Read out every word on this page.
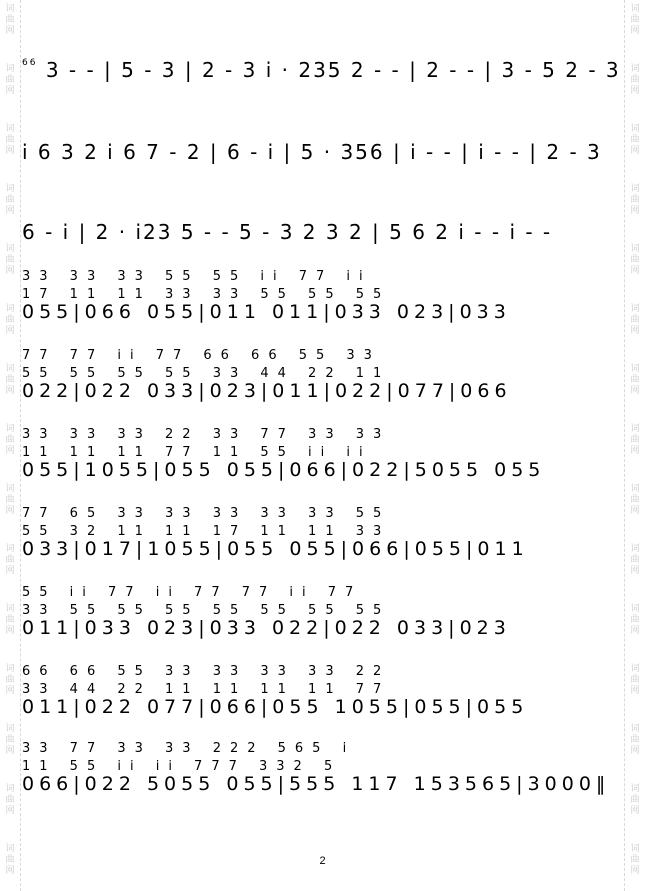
词
曲
网
词
曲
网
词
曲
网
词
曲
网
词
曲
网
词
曲
网
词
曲
网
词
曲
网
词
曲
网
词
曲
网
词
曲
网
词
曲
网
词
曲
网
词
曲
网
词
曲
网
词
曲
网
词
曲
网
词
曲
网
词
曲
网
词
曲
网
词
曲
网
词
曲
网
词
曲
网
词
曲
网
词
曲
网
词
曲
网
词
曲
网
词
曲
网
词
曲
网
词
曲
网
$^{66}$ 3 - - | 5 - 3 | 2 - 3 i · 235 2 - - | 2 - - | 3 - 5 2 - 3
i 6 3 2 i 6 7 - 2 | 6 - i | 5 · 356 | i - - | i - - | 2 - 3
6 - i | 2 · i23 5 - - 5 - 3 2 3 2 | 5 6 2 i - - i - -
33 33 33 55 55 ii 77 ii
17 11 11 33 33 55 55 55
055|066 055|011 011|033 023|033
77 77 ii 77 66 66 55 33
55 55 55 55 33 44 22 11
022|022 033|023|011|022|077|066
33 33 33 22 33 77 33 33
11 11 11 77 11 55 ii ii
055|1055|055 055|066|022|5055 055
77 65 33 33 33 33 33 55
55 32 11 11 17 11 11 33
033|017|1055|055 055|066|055|011
55 ii 77 ii 77 77 ii 77
33 55 55 55 55 55 55 55
011|033 023|033 022|022 033|023
66 66 55 33 33 33 33 22
33 44 22 11 11 11 11 77
011|022 077|066|055 1055|055|055
33 77 33 33 222 565 i
11 55 ii ii 777 332 5
066|022 5055 055|555 117 153565|3000‖
2
